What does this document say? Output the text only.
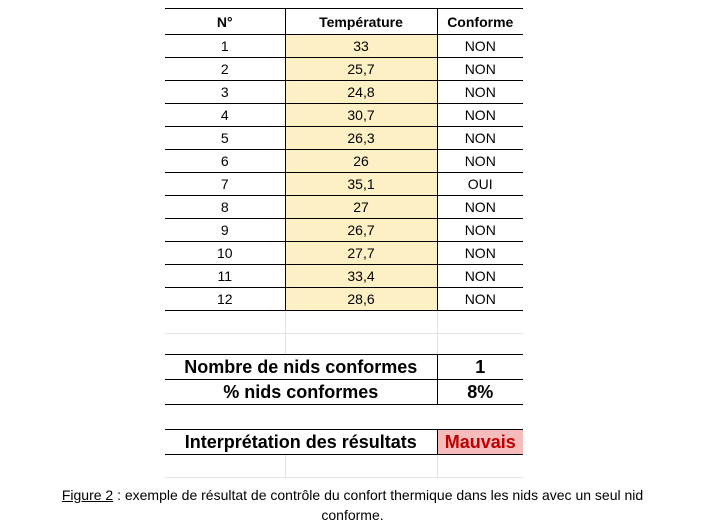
N°	Température	Conforme
1	33	NON
2	25,7	NON
3	24,8	NON
4	30,7	NON
5	26,3	NON
6	26	NON
7	35,1	OUI
8	27	NON
9	26,7	NON
10	27,7	NON
11	33,4	NON
12	28,6	NON
Nombre de nids conformes	1
% nids conformes	8%
Interprétation des résultats	Mauvais
Figure 2 : exemple de résultat de contrôle du confort thermique dans les nids avec un seul nid
conforme.
